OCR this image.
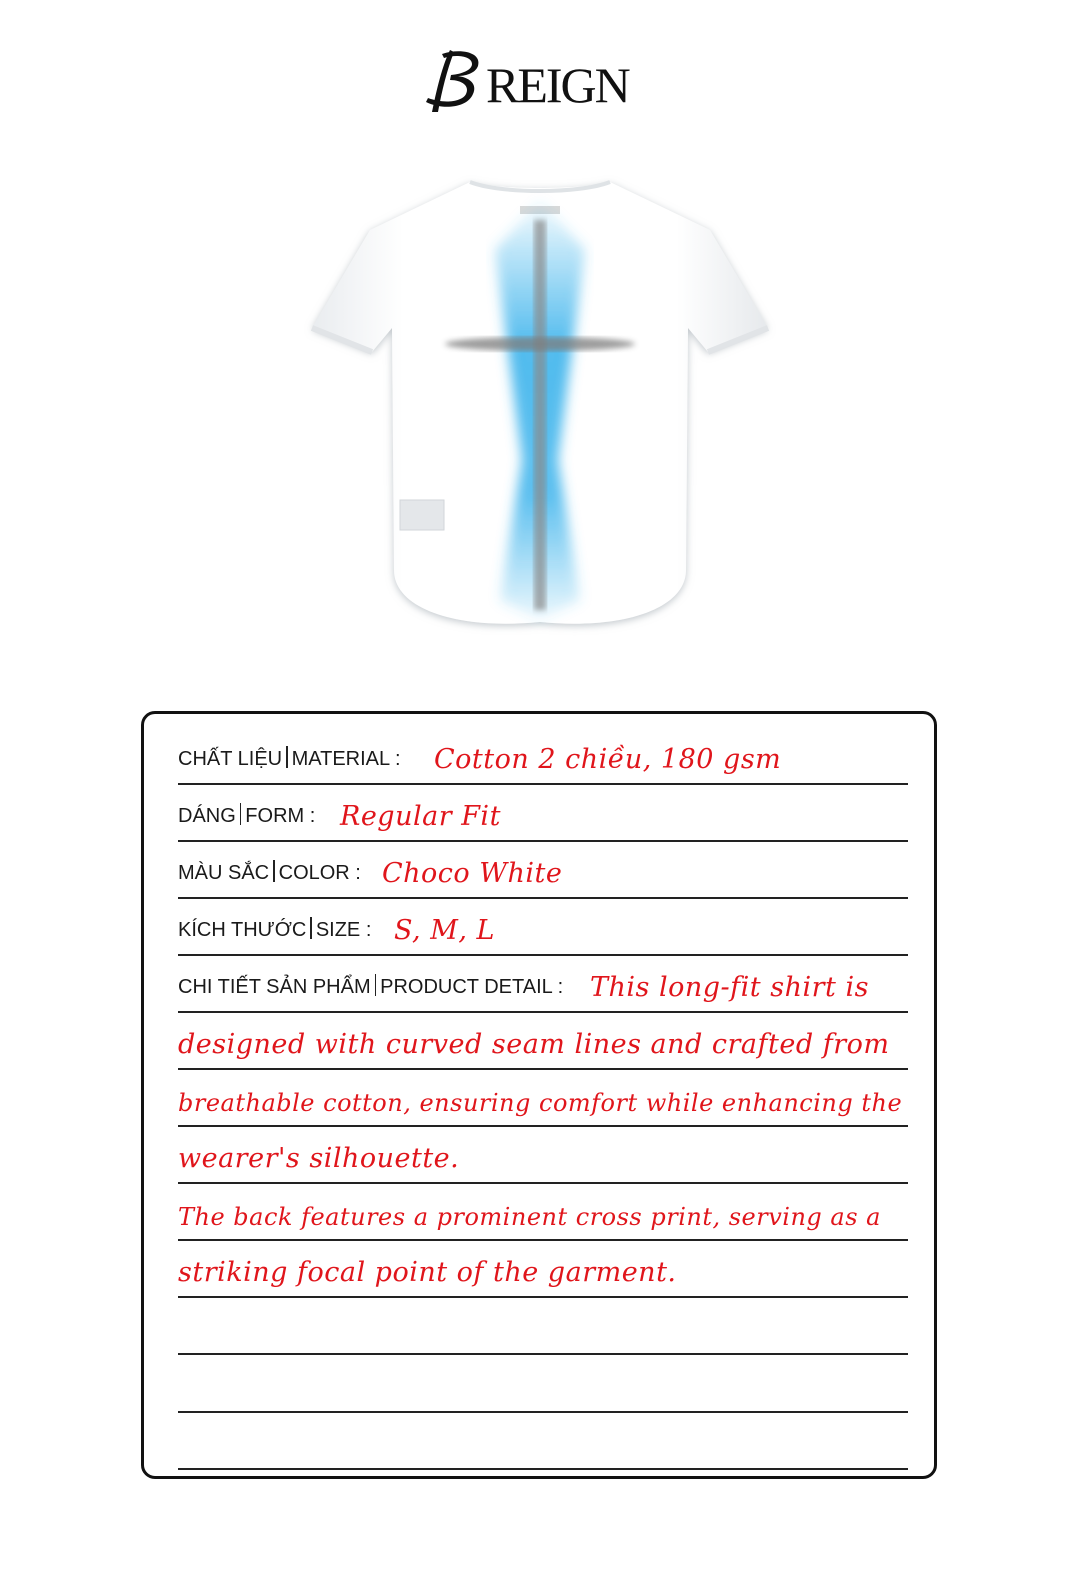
REIGN
CHẤT LIỆU MATERIAL : Cotton 2 chiều, 180 gsm
DÁNG FORM : Regular Fit
MÀU SẮC COLOR : Choco White
KÍCH THƯỚC SIZE : S, M, L
CHI TIẾT SẢN PHẨM PRODUCT DETAIL : This long-fit shirt is
designed with curved seam lines and crafted from
breathable cotton, ensuring comfort while enhancing the
wearer's silhouette.
The back features a prominent cross print, serving as a
striking focal point of the garment.
